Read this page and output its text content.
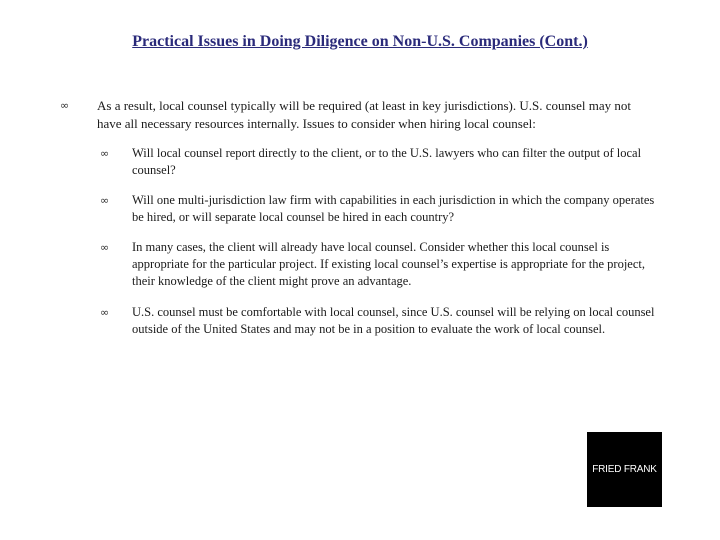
Practical Issues in Doing Diligence on Non-U.S. Companies (Cont.)
∞ As a result, local counsel typically will be required (at least in key jurisdictions). U.S. counsel may not have all necessary resources internally. Issues to consider when hiring local counsel:
∞ Will local counsel report directly to the client, or to the U.S. lawyers who can filter the output of local counsel?
∞ Will one multi-jurisdiction law firm with capabilities in each jurisdiction in which the company operates be hired, or will separate local counsel be hired in each country?
∞ In many cases, the client will already have local counsel. Consider whether this local counsel is appropriate for the particular project. If existing local counsel’s expertise is appropriate for the project, their knowledge of the client might prove an advantage.
∞ U.S. counsel must be comfortable with local counsel, since U.S. counsel will be relying on local counsel outside of the United States and may not be in a position to evaluate the work of local counsel.
FRIED FRANK
